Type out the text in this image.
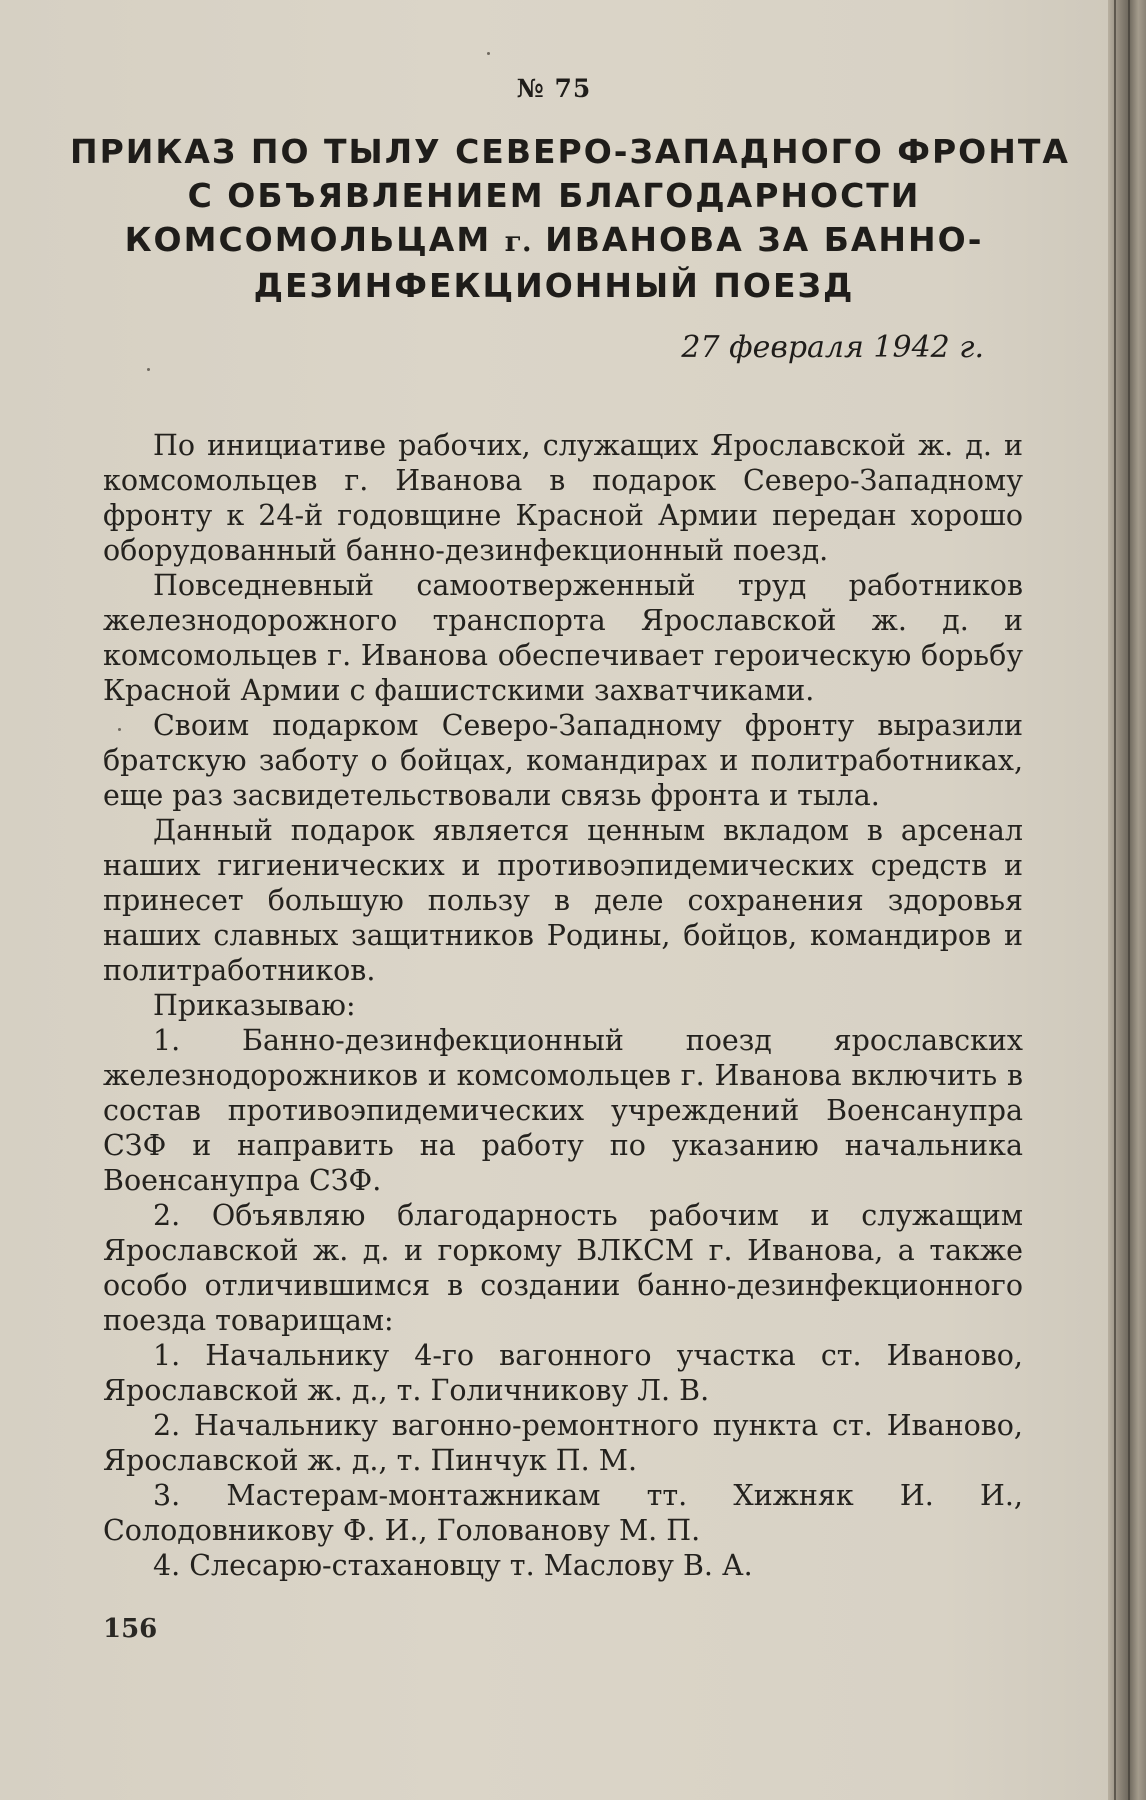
№ 75
ПРИКАЗ ПО ТЫЛУ СЕВЕРО-ЗАПАДНОГО ФРОНТА
С ОБЪЯВЛЕНИЕМ БЛАГОДАРНОСТИ
КОМСОМОЛЬЦАМ г. ИВАНОВА ЗА БАННО-
ДЕЗИНФЕКЦИОННЫЙ ПОЕЗД
27 февраля 1942 г.

По инициативе рабочих, служащих Ярославской ж. д. и комсомольцев г. Иванова в подарок Северо-Западному фронту к 24-й годовщине Красной Армии передан хорошо оборудованный банно-дезинфекционный поезд.

Повседневный самоотверженный труд работников железнодорожного транспорта Ярославской ж. д. и комсомольцев г. Иванова обеспечивает героическую борьбу Красной Армии с фашистскими захватчиками.

Своим подарком Северо-Западному фронту выразили братскую заботу о бойцах, командирах и политработниках, еще раз засвидетельствовали связь фронта и тыла.

Данный подарок является ценным вкладом в арсенал наших гигиенических и противоэпидемических средств и принесет большую пользу в деле сохранения здоровья наших славных защитников Родины, бойцов, командиров и политработников.

Приказываю:

1. Банно-дезинфекционный поезд ярославских железнодорожников и комсомольцев г. Иванова включить в состав противоэпидемических учреждений Военсанупра СЗФ и направить на работу по указанию начальника Военсанупра СЗФ.

2. Объявляю благодарность рабочим и служащим Ярославской ж. д. и горкому ВЛКСМ г. Иванова, а также особо отличившимся в создании банно-дезинфекционного поезда товарищам:

1. Начальнику 4-го вагонного участка ст. Иваново, Ярославской ж. д., т. Голичникову Л. В.

2. Начальнику вагонно-ремонтного пункта ст. Иваново, Ярославской ж. д., т. Пинчук П. М.

3. Мастерам-монтажникам тт. Хижняк И. И., Солодовникову Ф. И., Голованову М. П.

4. Слесарю-стахановцу т. Маслову В. А.

156
